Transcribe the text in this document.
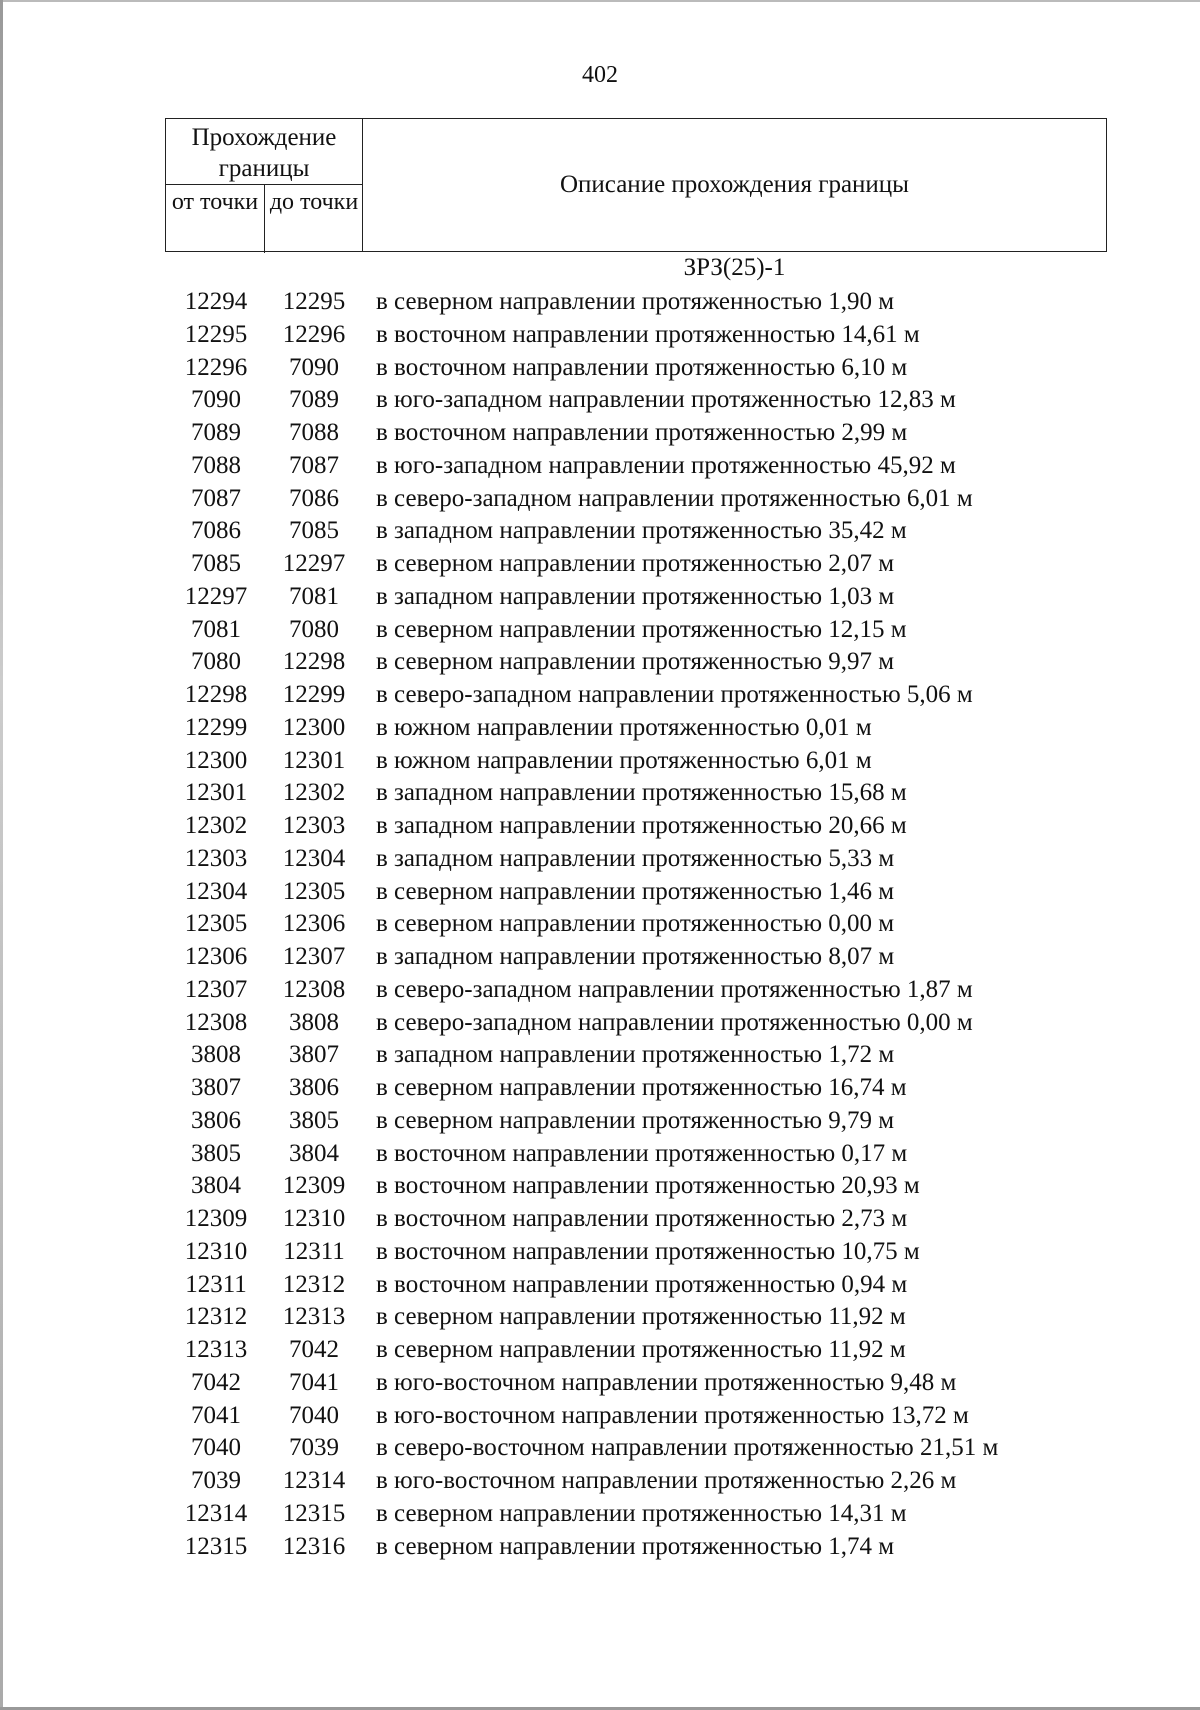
402
Прохождение границы
от точки до точки
Описание прохождения границы
ЗРЗ(25)-1
12294	12295	в северном направлении протяженностью 1,90 м
12295	12296	в восточном направлении протяженностью 14,61 м
12296	7090	в восточном направлении протяженностью 6,10 м
7090	7089	в юго-западном направлении протяженностью 12,83 м
7089	7088	в восточном направлении протяженностью 2,99 м
7088	7087	в юго-западном направлении протяженностью 45,92 м
7087	7086	в северо-западном направлении протяженностью 6,01 м
7086	7085	в западном направлении протяженностью 35,42 м
7085	12297	в северном направлении протяженностью 2,07 м
12297	7081	в западном направлении протяженностью 1,03 м
7081	7080	в северном направлении протяженностью 12,15 м
7080	12298	в северном направлении протяженностью 9,97 м
12298	12299	в северо-западном направлении протяженностью 5,06 м
12299	12300	в южном направлении протяженностью 0,01 м
12300	12301	в южном направлении протяженностью 6,01 м
12301	12302	в западном направлении протяженностью 15,68 м
12302	12303	в западном направлении протяженностью 20,66 м
12303	12304	в западном направлении протяженностью 5,33 м
12304	12305	в северном направлении протяженностью 1,46 м
12305	12306	в северном направлении протяженностью 0,00 м
12306	12307	в западном направлении протяженностью 8,07 м
12307	12308	в северо-западном направлении протяженностью 1,87 м
12308	3808	в северо-западном направлении протяженностью 0,00 м
3808	3807	в западном направлении протяженностью 1,72 м
3807	3806	в северном направлении протяженностью 16,74 м
3806	3805	в северном направлении протяженностью 9,79 м
3805	3804	в восточном направлении протяженностью 0,17 м
3804	12309	в восточном направлении протяженностью 20,93 м
12309	12310	в восточном направлении протяженностью 2,73 м
12310	12311	в восточном направлении протяженностью 10,75 м
12311	12312	в восточном направлении протяженностью 0,94 м
12312	12313	в северном направлении протяженностью 11,92 м
12313	7042	в северном направлении протяженностью 11,92 м
7042	7041	в юго-восточном направлении протяженностью 9,48 м
7041	7040	в юго-восточном направлении протяженностью 13,72 м
7040	7039	в северо-восточном направлении протяженностью 21,51 м
7039	12314	в юго-восточном направлении протяженностью 2,26 м
12314	12315	в северном направлении протяженностью 14,31 м
12315	12316	в северном направлении протяженностью 1,74 м
